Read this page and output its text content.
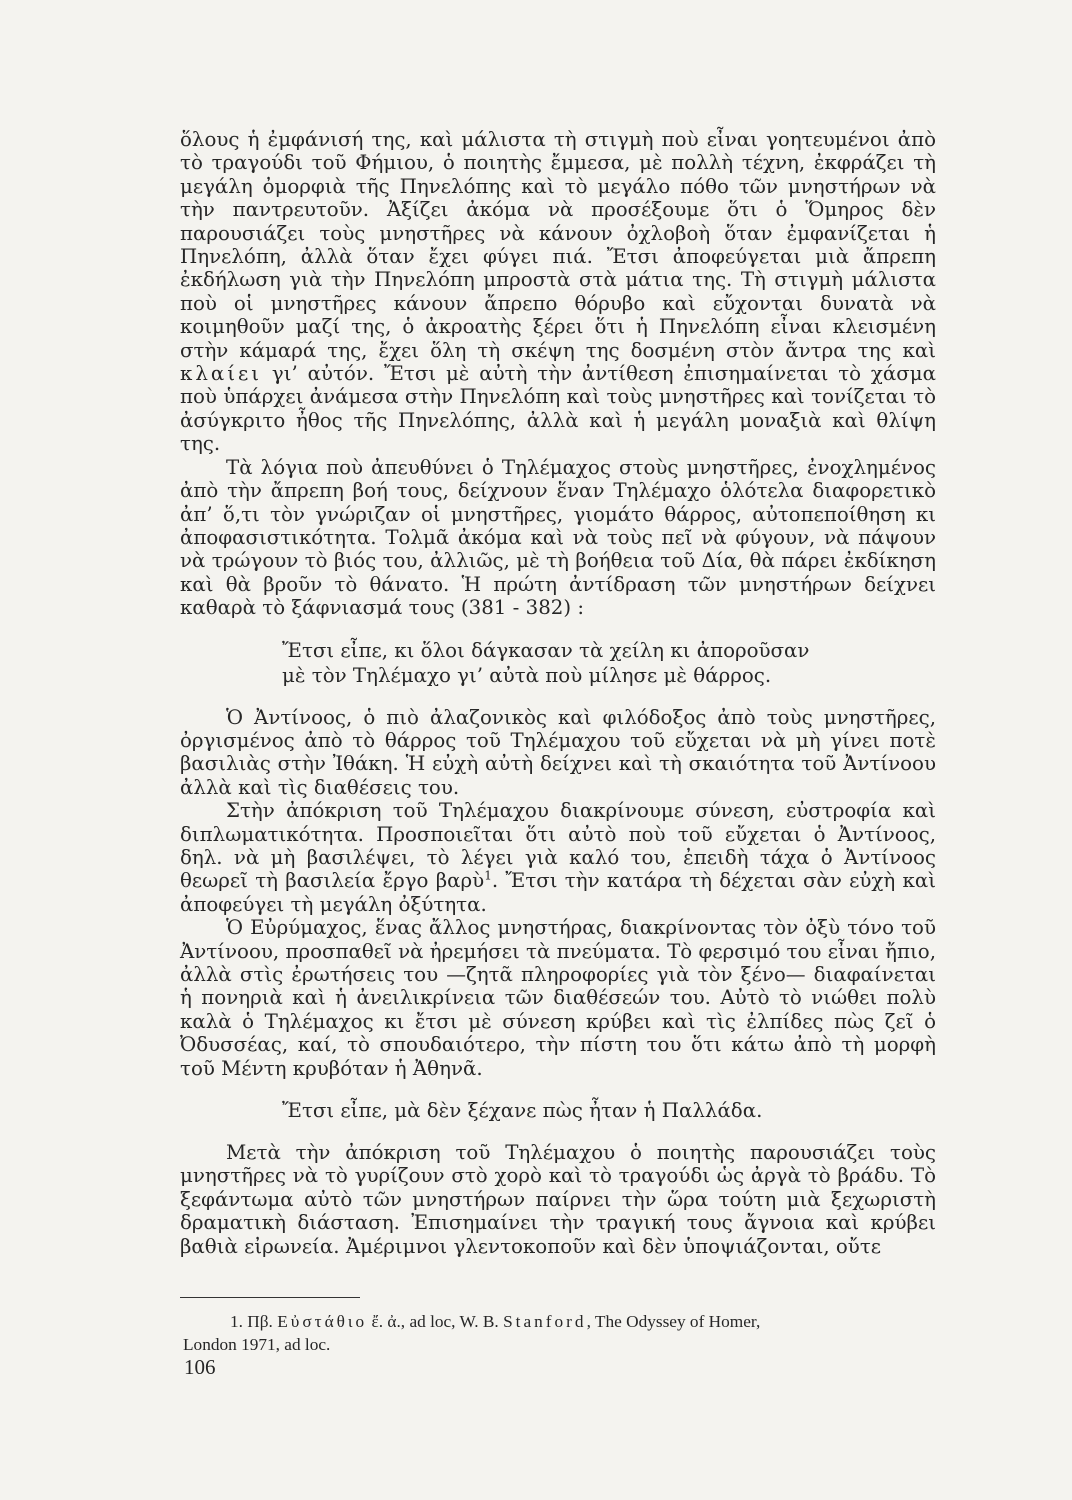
ὅλους ἡ ἐμφάνισή της, καὶ μάλιστα τὴ στιγμὴ ποὺ εἶναι γοητευμένοι ἀπὸ τὸ τραγούδι τοῦ Φήμιου, ὁ ποιητὴς ἔμμεσα, μὲ πολλὴ τέχνη, ἐκφράζει τὴ μεγάλη ὀμορφιὰ τῆς Πηνελόπης καὶ τὸ μεγάλο πόθο τῶν μνηστήρων νὰ τὴν παντρευτοῦν. Ἀξίζει ἀκόμα νὰ προσέξουμε ὅτι ὁ Ὅμηρος δὲν παρουσιάζει τοὺς μνηστῆρες νὰ κάνουν ὀχλοβοὴ ὅταν ἐμφανίζεται ἡ Πηνελόπη, ἀλλὰ ὅταν ἔχει φύγει πιά. Ἔτσι ἀποφεύγεται μιὰ ἄπρεπη ἐκδήλωση γιὰ τὴν Πηνελόπη μπροστὰ στὰ μάτια της. Τὴ στιγμὴ μάλιστα ποὺ οἱ μνηστῆρες κάνουν ἄπρεπο θόρυβο καὶ εὔχονται δυνατὰ νὰ κοιμηθοῦν μαζί της, ὁ ἀκροατὴς ξέρει ὅτι ἡ Πηνελόπη εἶναι κλεισμένη στὴν κάμαρά της, ἔχει ὅλη τὴ σκέψη της δοσμένη στὸν ἄντρα της καὶ κλαίει γι’ αὐτόν. Ἔτσι μὲ αὐτὴ τὴν ἀντίθεση ἐπισημαίνεται τὸ χάσμα ποὺ ὑπάρχει ἀνάμεσα στὴν Πηνελόπη καὶ τοὺς μνηστῆρες καὶ τονίζεται τὸ ἀσύγκριτο ἦθος τῆς Πηνελόπης, ἀλλὰ καὶ ἡ μεγάλη μοναξιὰ καὶ θλίψη της.

Τὰ λόγια ποὺ ἀπευθύνει ὁ Τηλέμαχος στοὺς μνηστῆρες, ἐνοχλημένος ἀπὸ τὴν ἄπρεπη βοή τους, δείχνουν ἕναν Τηλέμαχο ὁλότελα διαφορετικὸ ἀπ’ ὅ,τι τὸν γνώριζαν οἱ μνηστῆρες, γιομάτο θάρρος, αὐτοπεποίθηση κι ἀποφασιστικότητα. Τολμᾶ ἀκόμα καὶ νὰ τοὺς πεῖ νὰ φύγουν, νὰ πάψουν νὰ τρώγουν τὸ βιός του, ἀλλιῶς, μὲ τὴ βοήθεια τοῦ Δία, θὰ πάρει ἐκδίκηση καὶ θὰ βροῦν τὸ θάνατο. Ἡ πρώτη ἀντίδραση τῶν μνηστήρων δείχνει καθαρὰ τὸ ξάφνιασμά τους (381 - 382) :

Ἔτσι εἶπε, κι ὅλοι δάγκασαν τὰ χείλη κι ἀποροῦσαν
μὲ τὸν Τηλέμαχο γι’ αὐτὰ ποὺ μίλησε μὲ θάρρος.

Ὁ Ἀντίνοος, ὁ πιὸ ἀλαζονικὸς καὶ φιλόδοξος ἀπὸ τοὺς μνηστῆρες, ὀργισμένος ἀπὸ τὸ θάρρος τοῦ Τηλέμαχου τοῦ εὔχεται νὰ μὴ γίνει ποτὲ βασιλιὰς στὴν Ἰθάκη. Ἡ εὐχὴ αὐτὴ δείχνει καὶ τὴ σκαιότητα τοῦ Ἀντίνοου ἀλλὰ καὶ τὶς διαθέσεις του.

Στὴν ἀπόκριση τοῦ Τηλέμαχου διακρίνουμε σύνεση, εὐστροφία καὶ διπλωματικότητα. Προσποιεῖται ὅτι αὐτὸ ποὺ τοῦ εὔχεται ὁ Ἀντίνοος, δηλ. νὰ μὴ βασιλέψει, τὸ λέγει γιὰ καλό του, ἐπειδὴ τάχα ὁ Ἀντίνοος θεωρεῖ τὴ βασιλεία ἔργο βαρὺ$^1$. Ἔτσι τὴν κατάρα τὴ δέχεται σὰν εὐχὴ καὶ ἀποφεύγει τὴ μεγάλη ὀξύτητα.

Ὁ Εὐρύμαχος, ἕνας ἄλλος μνηστήρας, διακρίνοντας τὸν ὀξὺ τόνο τοῦ Ἀντίνοου, προσπαθεῖ νὰ ἠρεμήσει τὰ πνεύματα. Τὸ φερσιμό του εἶναι ἤπιο, ἀλλὰ στὶς ἐρωτήσεις του —ζητᾶ πληροφορίες γιὰ τὸν ξένο— διαφαίνεται ἡ πονηριὰ καὶ ἡ ἀνειλικρίνεια τῶν διαθέσεών του. Αὐτὸ τὸ νιώθει πολὺ καλὰ ὁ Τηλέμαχος κι ἔτσι μὲ σύνεση κρύβει καὶ τὶς ἐλπίδες πὼς ζεῖ ὁ Ὀδυσσέας, καί, τὸ σπουδαιότερο, τὴν πίστη του ὅτι κάτω ἀπὸ τὴ μορφὴ τοῦ Μέντη κρυβόταν ἡ Ἀθηνᾶ.

Ἔτσι εἶπε, μὰ δὲν ξέχανε πὼς ἦταν ἡ Παλλάδα.

Μετὰ τὴν ἀπόκριση τοῦ Τηλέμαχου ὁ ποιητὴς παρουσιάζει τοὺς μνηστῆρες νὰ τὸ γυρίζουν στὸ χορὸ καὶ τὸ τραγούδι ὡς ἀργὰ τὸ βράδυ. Τὸ ξεφάντωμα αὐτὸ τῶν μνηστήρων παίρνει τὴν ὥρα τούτη μιὰ ξεχωριστὴ δραματικὴ διάσταση. Ἐπισημαίνει τὴν τραγική τους ἄγνοια καὶ κρύβει βαθιὰ εἰρωνεία. Ἀμέριμνοι γλεντοκοποῦν καὶ δὲν ὑποψιάζονται, οὔτε

1. Πβ. Εὐστάθιο ἔ. ἀ., ad loc, W. B. Stanford, The Odyssey of Homer,
London 1971, ad loc.
106
